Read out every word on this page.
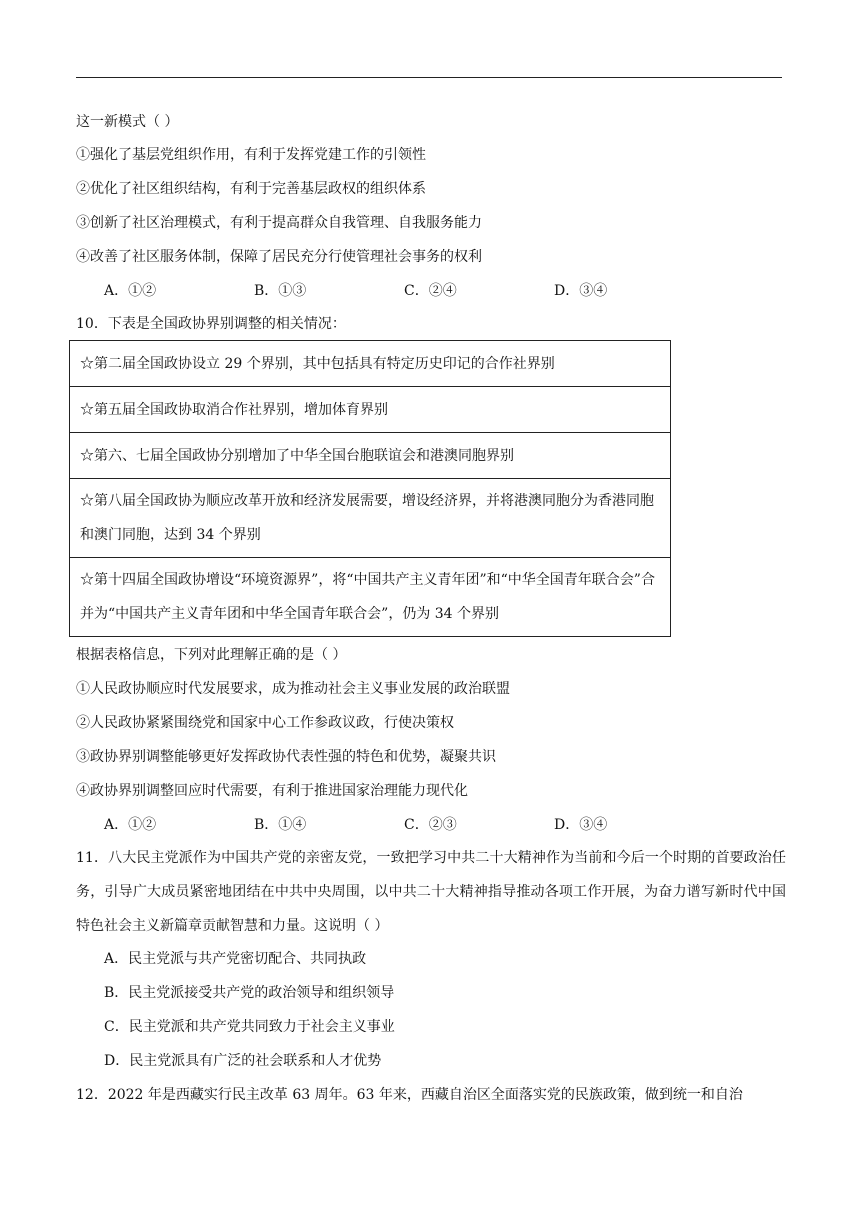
这一新模式（ ）
①强化了基层党组织作用，有利于发挥党建工作的引领性
②优化了社区组织结构，有利于完善基层政权的组织体系
③创新了社区治理模式，有利于提高群众自我管理、自我服务能力
④改善了社区服务体制，保障了居民充分行使管理社会事务的权利
A．①②	B．①③	C．②④	D．③④
10．下表是全国政协界别调整的相关情况：
☆第二届全国政协设立 29 个界别，其中包括具有特定历史印记的合作社界别
☆第五届全国政协取消合作社界别，增加体育界别
☆第六、七届全国政协分别增加了中华全国台胞联谊会和港澳同胞界别
☆第八届全国政协为顺应改革开放和经济发展需要，增设经济界，并将港澳同胞分为香港同胞和澳门同胞，达到 34 个界别
☆第十四届全国政协增设“环境资源界”，将“中国共产主义青年团”和“中华全国青年联合会”合并为“中国共产主义青年团和中华全国青年联合会”，仍为 34 个界别
根据表格信息，下列对此理解正确的是（ ）
①人民政协顺应时代发展要求，成为推动社会主义事业发展的政治联盟
②人民政协紧紧围绕党和国家中心工作参政议政，行使决策权
③政协界别调整能够更好发挥政协代表性强的特色和优势，凝聚共识
④政协界别调整回应时代需要，有利于推进国家治理能力现代化
A．①②	B．①④	C．②③	D．③④
11．八大民主党派作为中国共产党的亲密友党，一致把学习中共二十大精神作为当前和今后一个时期的首要政治任务，引导广大成员紧密地团结在中共中央周围，以中共二十大精神指导推动各项工作开展，为奋力谱写新时代中国特色社会主义新篇章贡献智慧和力量。这说明（ ）
A．民主党派与共产党密切配合、共同执政
B．民主党派接受共产党的政治领导和组织领导
C．民主党派和共产党共同致力于社会主义事业
D．民主党派具有广泛的社会联系和人才优势
12．2022 年是西藏实行民主改革 63 周年。63 年来，西藏自治区全面落实党的民族政策，做到统一和自治
